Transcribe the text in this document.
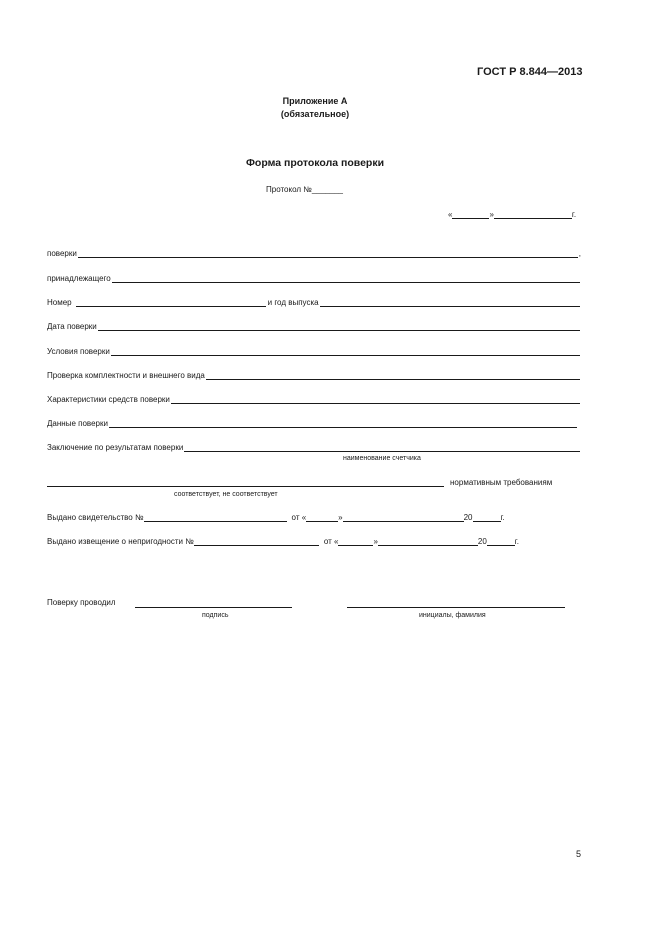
ГОСТ Р 8.844—2013
Приложение А
(обязательное)
Форма протокола поверки
Протокол №_______
«	»	г.
поверки	,
принадлежащего
Номер	и год выпуска
Дата поверки
Условия поверки
Проверка комплектности и внешнего вида
Характеристики средств поверки
Данные поверки
Заключение по результатам поверки
наименование счетчика
нормативным требованиям
соответствует, не соответствует
Выдано свидетельство №	от «	»	20	г.
Выдано извещение о непригодности №	от «	»	20	г.
Поверку проводил
подпись	инициалы, фамилия
5
